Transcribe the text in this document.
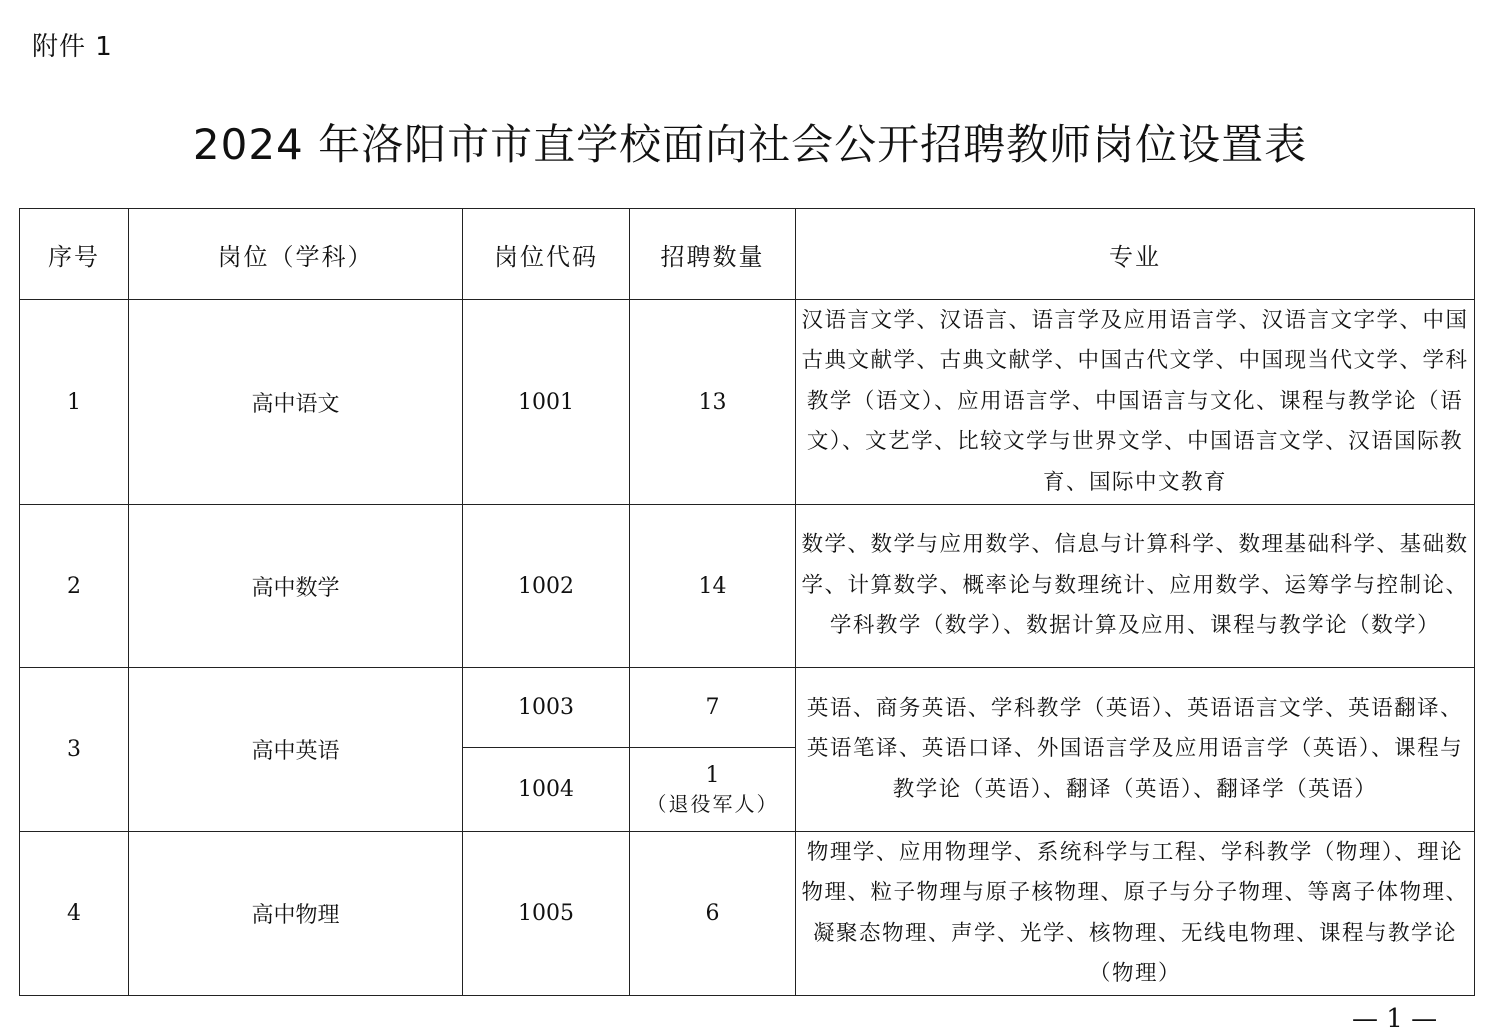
附件 1
2024 年洛阳市市直学校面向社会公开招聘教师岗位设置表
序号	岗位（学科）	岗位代码	招聘数量	专业
1	高中语文	1001	13	汉语言文学、汉语言、语言学及应用语言学、汉语言文字学、中国古典文献学、古典文献学、中国古代文学、中国现当代文学、学科教学（语文）、应用语言学、中国语言与文化、课程与教学论（语文）、文艺学、比较文学与世界文学、中国语言文学、汉语国际教育、国际中文教育
2	高中数学	1002	14	数学、数学与应用数学、信息与计算科学、数理基础科学、基础数学、计算数学、概率论与数理统计、应用数学、运筹学与控制论、学科教学（数学）、数据计算及应用、课程与教学论（数学）
3	高中英语	1003	7	英语、商务英语、学科教学（英语）、英语语言文学、英语翻译、英语笔译、英语口译、外国语言学及应用语言学（英语）、课程与教学论（英语）、翻译（英语）、翻译学（英语）
		1004	1
（退役军人）	

4	高中物理	1005	6	物理学、应用物理学、系统科学与工程、学科教学（物理）、理论物理、粒子物理与原子核物理、原子与分子物理、等离子体物理、凝聚态物理、声学、光学、核物理、无线电物理、课程与教学论（物理）
— 1 —
